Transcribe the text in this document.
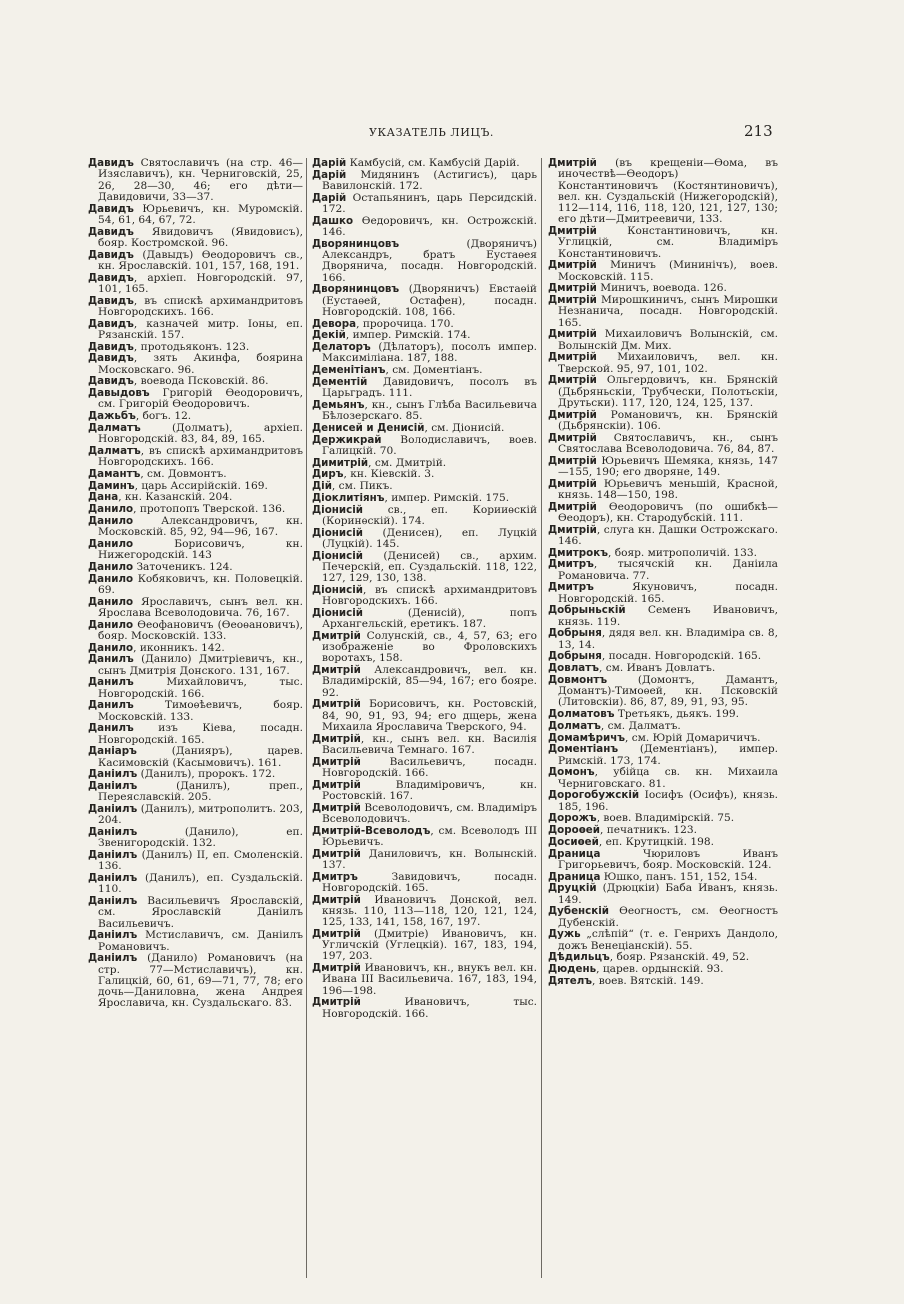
УКАЗАТЕЛЬ ЛИЦЪ.	213
Давидъ Святославичъ (на стр. 46—Изяславичъ), кн. Черниговскій, 25, 26, 28—30, 46; его дѣти—Давидовичи, 33—37.
Давидъ Юрьевичъ, кн. Муромскій. 54, 61, 64, 67, 72.
Давидъ Явидовичъ (Явидовисъ), бояр. Костромской. 96.
Давидъ (Давыдъ) Ѳеодоровичъ св., кн. Ярославскій. 101, 157, 168, 191.
Давидъ, архіеп. Новгородскій. 97, 101, 165.
Давидъ, въ спискѣ архимандритовъ Новгородскихъ. 166.
Давидъ, казначей митр. Іоны, еп. Рязанскій. 157.
Давидъ, протодьяконъ. 123.
Давидъ, зять Акинфа, боярина Московскаго. 96.
Давидъ, воевода Псковскій. 86.
Давыдовъ Григорій Ѳеодоровичъ, см. Григорій Ѳеодоровичъ.
Дажьбъ, богъ. 12.
Далматъ (Долматъ), архіеп. Новгородскій. 83, 84, 89, 165.
Далматъ, въ спискѣ архимандритовъ Новгородскихъ. 166.
Дамантъ, см. Довмонтъ.
Даминъ, царь Ассирійскій. 169.
Дана, кн. Казанскій. 204.
Данило, протопопъ Тверской. 136.
Данило Александровичъ, кн. Московскій. 85, 92, 94—96, 167.
Данило Борисовичъ, кн. Нижегородскій. 143
Данило Заточеникъ. 124.
Данило Кобяковичъ, кн. Половецкій. 69.
Данило Ярославичъ, сынъ вел. кн. Ярослава Всеволодовича. 76, 167.
Данило Ѳеофановичъ (Ѳеоѳановичъ), бояр. Московскій. 133.
Данило, иконникъ. 142.
Данилъ (Данило) Дмитріевичъ, кн., сынъ Дмитрія Донского. 131, 167.
Данилъ Михайловичъ, тыс. Новгородскій. 166.
Данилъ Тимоѳѣевичъ, бояр. Московскій. 133.
Данилъ изъ Кіева, посадн. Новгородскій. 165.
Даніаръ (Данияръ), царев. Касимовскій (Касымовичъ). 161.
Даніилъ (Данилъ), пророкъ. 172.
Даніилъ (Данилъ), преп., Переяславскій. 205.
Даніилъ (Данилъ), митрополитъ. 203, 204.
Даніилъ (Данило), еп. Звенигородскій. 132.
Даніилъ (Данилъ) II, еп. Смоленскій. 136.
Даніилъ (Данилъ), еп. Суздальскій. 110.
Даніилъ Васильевичъ Ярославскій, см. Ярославскій Даніилъ Васильевичъ.
Даніилъ Мстиславичъ, см. Даніилъ Романовичъ.
Даніилъ (Данило) Романовичъ (на стр. 77—Мстиславичъ), кн. Галицкій, 60, 61, 69—71, 77, 78; его дочь—Даниловна, жена Андрея Ярославича, кн. Суздальскаго. 83.
Дарій Камбусій, см. Камбусій Дарій.
Дарій Мидянинъ (Астигисъ), царь Вавилонскій. 172.
Дарій Остапьянинъ, царь Персидскій. 172.
Дашко Ѳедоровичъ, кн. Острожскій. 146.
Дворянинцовъ (Дворяничъ) Александръ, братъ Еустаѳея Дворянича, посадн. Новгородскій. 166.
Дворянинцовъ (Дворяничъ) Евстаѳій (Еустаѳей, Остафен), посадн. Новгородскій. 108, 166.
Девора, пророчица. 170.
Декій, импер. Римскій. 174.
Делаторъ (Дѣлаторъ), посолъ импер. Максиміліана. 187, 188.
Деменітіанъ, см. Доментіанъ.
Дементій Давидовичъ, посолъ въ Царьградъ. 111.
Демьянъ, кн., сынъ Глѣба Васильевича Бѣлозерскаго. 85.
Денисей и Денисій, см. Діонисій.
Держикрай Володиславичъ, воев. Галицкій. 70.
Димитрій, см. Дмитрій.
Диръ, кн. Кіевскій. 3.
Дій, см. Пикъ.
Діоклитіянъ, импер. Римскій. 175.
Діонисій св., еп. Корииѳскій (Коринѳскій). 174.
Діонисій (Денисен), еп. Луцкій (Луцкій). 145.
Діонисій (Денисей) св., архим. Печерскій, еп. Суздальскій. 118, 122, 127, 129, 130, 138.
Діонисій, въ спискѣ архимандритовъ Новгородскихъ. 166.
Діонисій (Денисій), попъ Архангельскій, еретикъ. 187.
Дмитрій Солунскій, св., 4, 57, 63; его изображеніе во Фроловскихъ воротахъ, 158.
Дмитрій Александровичъ, вел. кн. Владимірскій, 85—94, 167; его бояре. 92.
Дмитрій Борисовичъ, кн. Ростовскій, 84, 90, 91, 93, 94; его дщерь, жена Михаила Ярославича Тверского, 94.
Дмитрій, кн., сынъ вел. кн. Василія Васильевича Темнаго. 167.
Дмитрій Васильевичъ, посадн. Новгородскій. 166.
Дмитрій Владиміровичъ, кн. Ростовскій. 167.
Дмитрій Всеволодовичъ, см. Владиміръ Всеволодовичъ.
Дмитрій-Всеволодъ, см. Всеволодъ III Юрьевичъ.
Дмитрій Даниловичъ, кн. Волынскій. 137.
Дмитръ Завидовичъ, посадн. Новгородскій. 165.
Дмитрій Ивановичъ Донской, вел. князь. 110, 113—118, 120, 121, 124, 125, 133, 141, 158, 167, 197.
Дмитрій (Дмитріе) Ивановичъ, кн. Угличскій (Углецкій). 167, 183, 194, 197, 203.
Дмитрій Ивановичъ, кн., внукъ вел. кн. Ивана III Васильевича. 167, 183, 194, 196—198.
Дмитрій Ивановичъ, тыс. Новгородскій. 166.
Дмитрій (въ крещеніи—Ѳома, въ иночествѣ—Ѳеодоръ) Константиновичъ (Костянтиновичъ), вел. кн. Суздальскій (Нижегородскій), 112—114, 116, 118, 120, 121, 127, 130; его дѣти—Дмитреевичи, 133.
Дмитрій Константиновичъ, кн. Углицкій, см. Владиміръ Константиновичъ.
Дмитрій Миничъ (Мининічъ), воев. Московскій. 115.
Дмитрій Миничъ, воевода. 126.
Дмитрій Мирошкиничъ, сынъ Мирошки Незнанича, посадн. Новгородскій. 165.
Дмитрій Михаиловичъ Волынскій, см. Волынскій Дм. Мих.
Дмитрій Михаиловичъ, вел. кн. Тверской. 95, 97, 101, 102.
Дмитрій Ольгердовичъ, кн. Брянскій (Дьбряньскіи, Трубчески, Полотьскіи, Друтьски). 117, 120, 124, 125, 137.
Дмитрій Романовичъ, кн. Брянскій (Дьбрянскіи). 106.
Дмитрій Святославичъ, кн., сынъ Святослава Всеволодовича. 76, 84, 87.
Дмитрій Юрьевичъ Шемяка, князь, 147—155, 190; его дворяне, 149.
Дмитрій Юрьевичъ меньшій, Красной, князь. 148—150, 198.
Дмитрій Ѳеодоровичъ (по ошибкѣ—Ѳеодоръ), кн. Стародубскій. 111.
Дмитрій, слуга кн. Дашки Острожскаго. 146.
Дмитрокъ, бояр. митрополичій. 133.
Дмитръ, тысячскій кн. Даніила Романовича. 77.
Дмитръ Якуновичъ, посадн. Новгородскій. 165.
Добрыньскій Семенъ Ивановичъ, князь. 119.
Добрыня, дядя вел. кн. Владиміра св. 8, 13, 14.
Добрыня, посадн. Новгородскій. 165.
Довлатъ, см. Иванъ Довлатъ.
Довмонтъ (Домонтъ, Дамантъ, Домантъ)-Тимоѳей, кн. Псковскій (Литовскіи). 86, 87, 89, 91, 93, 95.
Долматовъ Третьякъ, дьякъ. 199.
Долматъ, см. Далматъ.
Домамѣричъ, см. Юрій Домаричичъ.
Доментіанъ (Дементіанъ), импер. Римскій. 173, 174.
Домонъ, убійца св. кн. Михаила Черниговскаго. 81.
Дорогобужскій Іосифъ (Осифъ), князь. 185, 196.
Дорожъ, воев. Владимірскій. 75.
Дороѳей, печатникъ. 123.
Досиѳей, еп. Крутицкій. 198.
Драница Чюриловъ Иванъ Григорьевичъ, бояр. Московскій. 124.
Драница Юшко, панъ. 151, 152, 154.
Друцкій (Дрюцкіи) Баба Иванъ, князь. 149.
Дубенскій Ѳеогностъ, см. Ѳеогностъ Дубенскій.
Дужь „слѣпій“ (т. е. Генрихъ Дандоло, дожъ Венеціанскій). 55.
Дѣдильцъ, бояр. Рязанскій. 49, 52.
Дюдень, царев. ордынскій. 93.
Дятелъ, воев. Вятскій. 149.
